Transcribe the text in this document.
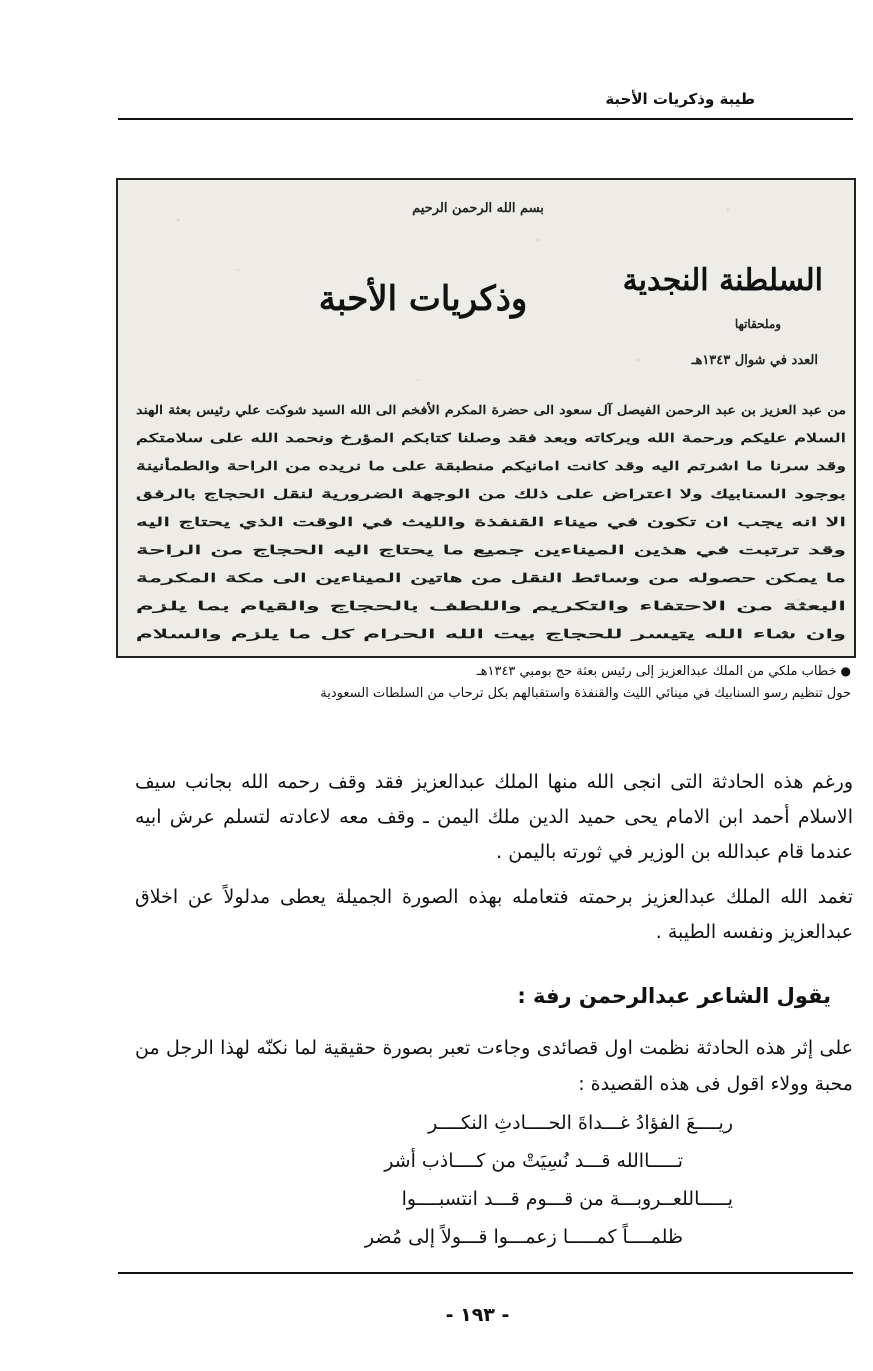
طيبة وذكريات الأحبة
بسم الله الرحمن الرحيم
السلطنة النجدية
وذكريات الأحبة
وملحقاتها
العدد في شوال ١٣٤٣هـ
من عبد العزيز بن عبد الرحمن الفيصل آل سعود الى حضرة المكرم الأفخم الى الله السيد شوكت علي رئيس بعثة الهند
السلام عليكم ورحمة الله وبركاته وبعد فقد وصلنا كتابكم المؤرخ ونحمد الله على سلامتكم
وقد سرنا ما اشرتم اليه وقد كانت امانيكم منطبقة على ما نريده من الراحة والطمأنينة
بوجود السنابيك ولا اعتراض على ذلك من الوجهة الضرورية لنقل الحجاج بالرفق
الا انه يجب ان تكون في ميناء القنفذة والليث في الوقت الذي يحتاج اليه
وقد ترتبت في هذين الميناءين جميع ما يحتاج اليه الحجاج من الراحة
ما يمكن حصوله من وسائط النقل من هاتين الميناءين الى مكة المكرمة
البعثة من الاحتفاء والتكريم واللطف بالحجاج والقيام بما يلزم
وان شاء الله يتيسر للحجاج بيت الله الحرام كل ما يلزم والسلام
●خطاب ملكي من الملك عبدالعزيز إلى رئيس بعثة حج بومبي ١٣٤٣هـ
حول تنظيم رسو السنابيك في مينائي الليث والقنفذة واستقبالهم بكل ترحاب من السلطات السعودية

ورغم هذه الحادثة التى انجى الله منها الملك عبدالعزيز فقد وقف رحمه الله بجانب سيف الاسلام أحمد ابن الامام يحى حميد الدين ملك اليمن ـ وقف معه لاعادته لتسلم عرش ابيه عندما قام عبدالله بن الوزير في ثورته باليمن .

تغمد الله الملك عبدالعزيز برحمته فتعامله بهذه الصورة الجميلة يعطى مدلولاً عن اخلاق عبدالعزيز ونفسه الطيبة .

يقول الشاعر عبدالرحمن رفة :

على إثر هذه الحادثة نظمت اول قصائدى وجاءت تعبر بصورة حقيقية لما نكنّه لهذا الرجل من محبة وولاء اقول فى هذه القصيدة :

ريــــعَ الفؤادُ غـــداةَ الحــــادثِ النكــــر
تـــــاالله قـــد نُسِيَتْ من كــــاذب أشر
يـــــاللعــروبـــة من قـــوم قـــد انتسبــــوا
ظلمــــاً كمـــــا زعمـــوا قـــولاً إلى مُضر
- ١٩٣ -
